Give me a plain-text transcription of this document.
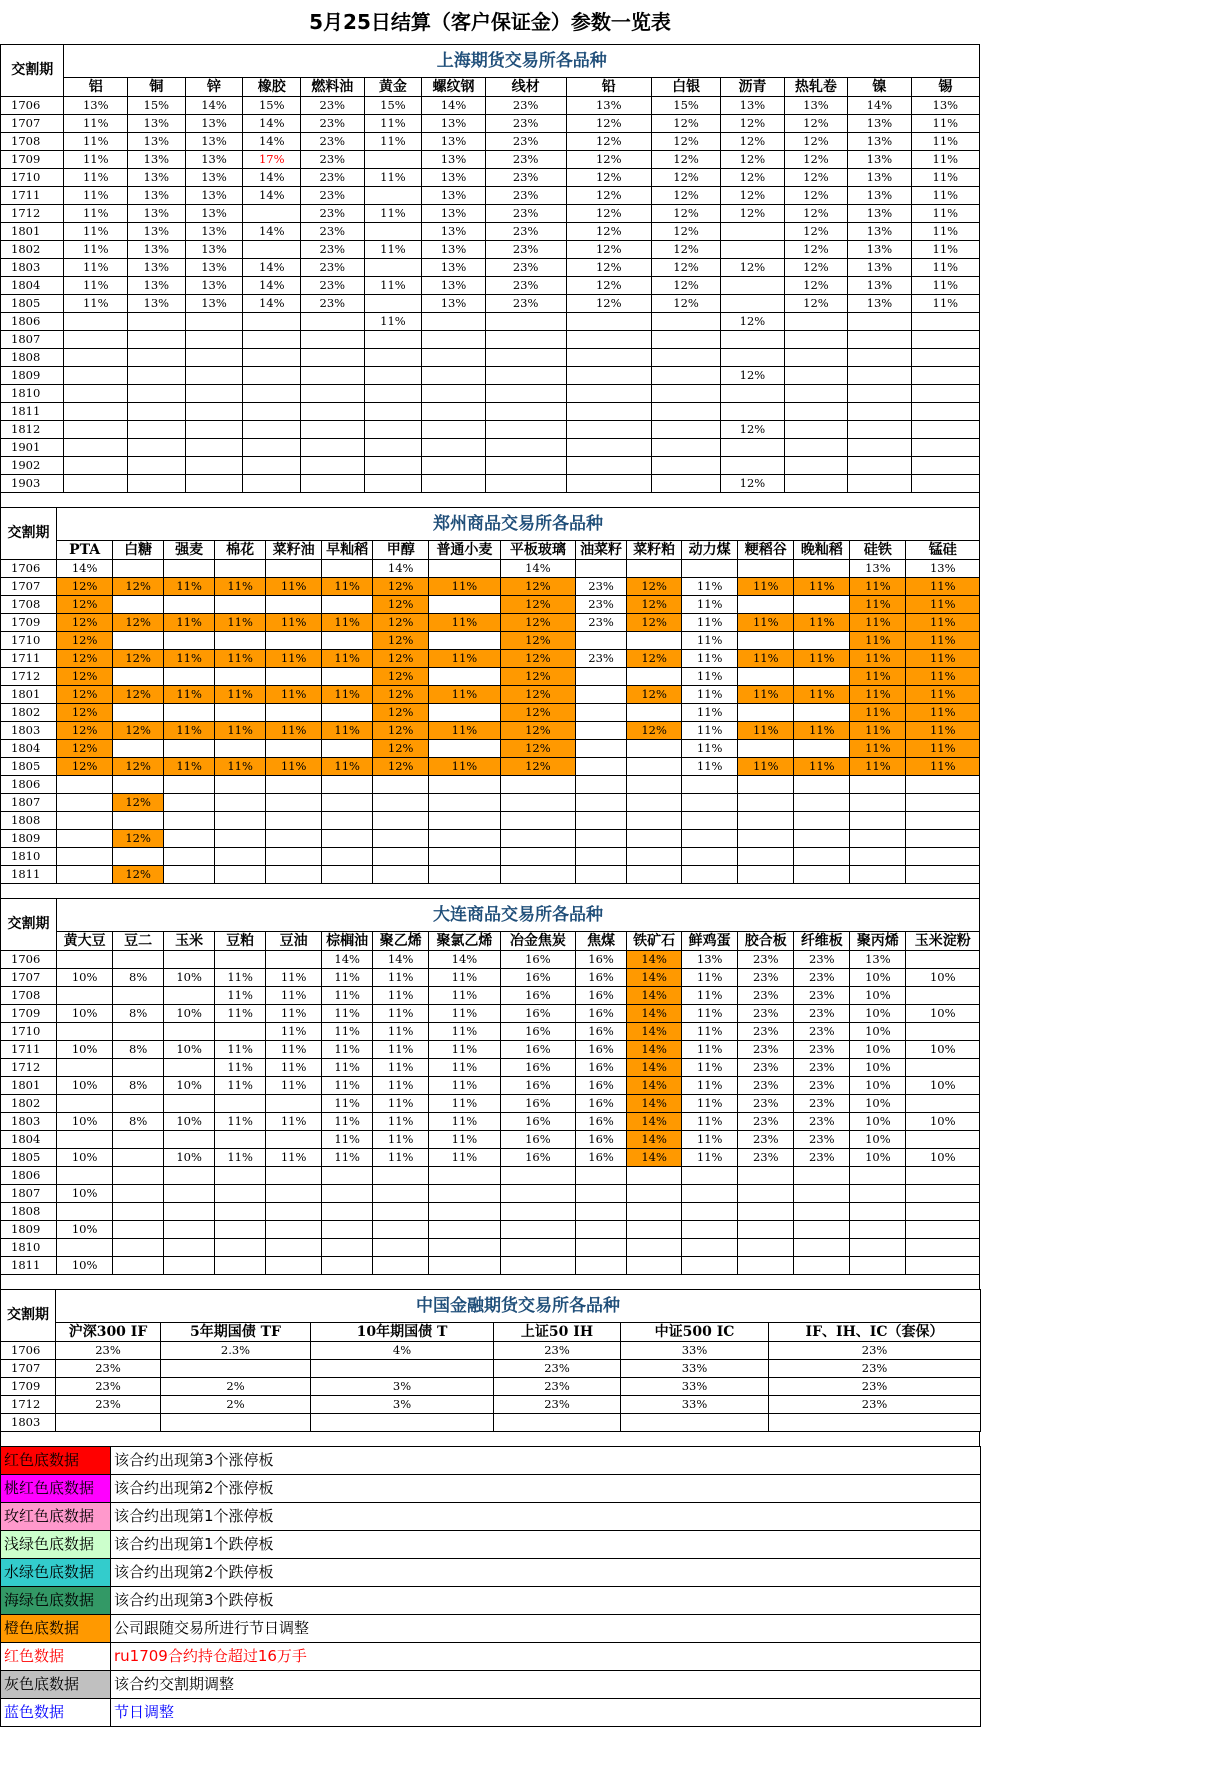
5月25日结算（客户保证金）参数一览表
交割期	上海期货交易所各品种													
	铝	铜	锌	橡胶	燃料油	黄金	螺纹钢	线材	铅	白银	沥青	热轧卷	镍	锡
1706	13%	15%	14%	15%	23%	15%	14%	23%	13%	15%	13%	13%	14%	13%
1707	11%	13%	13%	14%	23%	11%	13%	23%	12%	12%	12%	12%	13%	11%
1708	11%	13%	13%	14%	23%	11%	13%	23%	12%	12%	12%	12%	13%	11%
1709	11%	13%	13%	17%	23%		13%	23%	12%	12%	12%	12%	13%	11%
1710	11%	13%	13%	14%	23%	11%	13%	23%	12%	12%	12%	12%	13%	11%
1711	11%	13%	13%	14%	23%		13%	23%	12%	12%	12%	12%	13%	11%
1712	11%	13%	13%		23%	11%	13%	23%	12%	12%	12%	12%	13%	11%
1801	11%	13%	13%	14%	23%		13%	23%	12%	12%		12%	13%	11%
1802	11%	13%	13%		23%	11%	13%	23%	12%	12%		12%	13%	11%
1803	11%	13%	13%	14%	23%		13%	23%	12%	12%	12%	12%	13%	11%
1804	11%	13%	13%	14%	23%	11%	13%	23%	12%	12%		12%	13%	11%
1805	11%	13%	13%	14%	23%		13%	23%	12%	12%		12%	13%	11%
1806						11%					12%			
1807														
1808														
1809											12%			
1810														
1811														
1812											12%			
1901														
1902														
1903											12%			
交割期	郑州商品交易所各品种															
	PTA	白糖	强麦	棉花	菜籽油	早籼稻	甲醇	普通小麦	平板玻璃	油菜籽	菜籽粕	动力煤	粳稻谷	晚籼稻	硅铁	锰硅
1706	14%						14%		14%						13%	13%
1707	12%	12%	11%	11%	11%	11%	12%	11%	12%	23%	12%	11%	11%	11%	11%	11%
1708	12%						12%		12%	23%	12%	11%			11%	11%
1709	12%	12%	11%	11%	11%	11%	12%	11%	12%	23%	12%	11%	11%	11%	11%	11%
1710	12%						12%		12%			11%			11%	11%
1711	12%	12%	11%	11%	11%	11%	12%	11%	12%	23%	12%	11%	11%	11%	11%	11%
1712	12%						12%		12%			11%			11%	11%
1801	12%	12%	11%	11%	11%	11%	12%	11%	12%		12%	11%	11%	11%	11%	11%
1802	12%						12%		12%			11%			11%	11%
1803	12%	12%	11%	11%	11%	11%	12%	11%	12%		12%	11%	11%	11%	11%	11%
1804	12%						12%		12%			11%			11%	11%
1805	12%	12%	11%	11%	11%	11%	12%	11%	12%			11%	11%	11%	11%	11%
1806																
1807		12%														
1808																
1809		12%														
1810																
1811		12%														
交割期	大连商品交易所各品种															
	黄大豆	豆二	玉米	豆粕	豆油	棕榈油	聚乙烯	聚氯乙烯	冶金焦炭	焦煤	铁矿石	鲜鸡蛋	胶合板	纤维板	聚丙烯	玉米淀粉
1706						14%	14%	14%	16%	16%	14%	13%	23%	23%	13%	
1707	10%	8%	10%	11%	11%	11%	11%	11%	16%	16%	14%	11%	23%	23%	10%	10%
1708				11%	11%	11%	11%	11%	16%	16%	14%	11%	23%	23%	10%	
1709	10%	8%	10%	11%	11%	11%	11%	11%	16%	16%	14%	11%	23%	23%	10%	10%
1710					11%	11%	11%	11%	16%	16%	14%	11%	23%	23%	10%	
1711	10%	8%	10%	11%	11%	11%	11%	11%	16%	16%	14%	11%	23%	23%	10%	10%
1712				11%	11%	11%	11%	11%	16%	16%	14%	11%	23%	23%	10%	
1801	10%	8%	10%	11%	11%	11%	11%	11%	16%	16%	14%	11%	23%	23%	10%	10%
1802						11%	11%	11%	16%	16%	14%	11%	23%	23%	10%	
1803	10%	8%	10%	11%	11%	11%	11%	11%	16%	16%	14%	11%	23%	23%	10%	10%
1804						11%	11%	11%	16%	16%	14%	11%	23%	23%	10%	
1805	10%		10%	11%	11%	11%	11%	11%	16%	16%	14%	11%	23%	23%	10%	10%
1806																
1807	10%															
1808																
1809	10%															
1810																
1811	10%															
交割期	中国金融期货交易所各品种					
	沪深300 IF	5年期国债 TF	10年期国债 T	上证50 IH	中证500 IC	IF、IH、IC（套保）
1706	23%	2.3%	4%	23%	33%	23%
1707	23%			23%	33%	23%
1709	23%	2%	3%	23%	33%	23%
1712	23%	2%	3%	23%	33%	23%
1803						
红色底数据	该合约出现第3个涨停板
桃红色底数据	该合约出现第2个涨停板
玫红色底数据	该合约出现第1个涨停板
浅绿色底数据	该合约出现第1个跌停板
水绿色底数据	该合约出现第2个跌停板
海绿色底数据	该合约出现第3个跌停板
橙色底数据	公司跟随交易所进行节日调整
红色数据	ru1709合约持仓超过16万手
灰色底数据	该合约交割期调整
蓝色数据	节日调整
